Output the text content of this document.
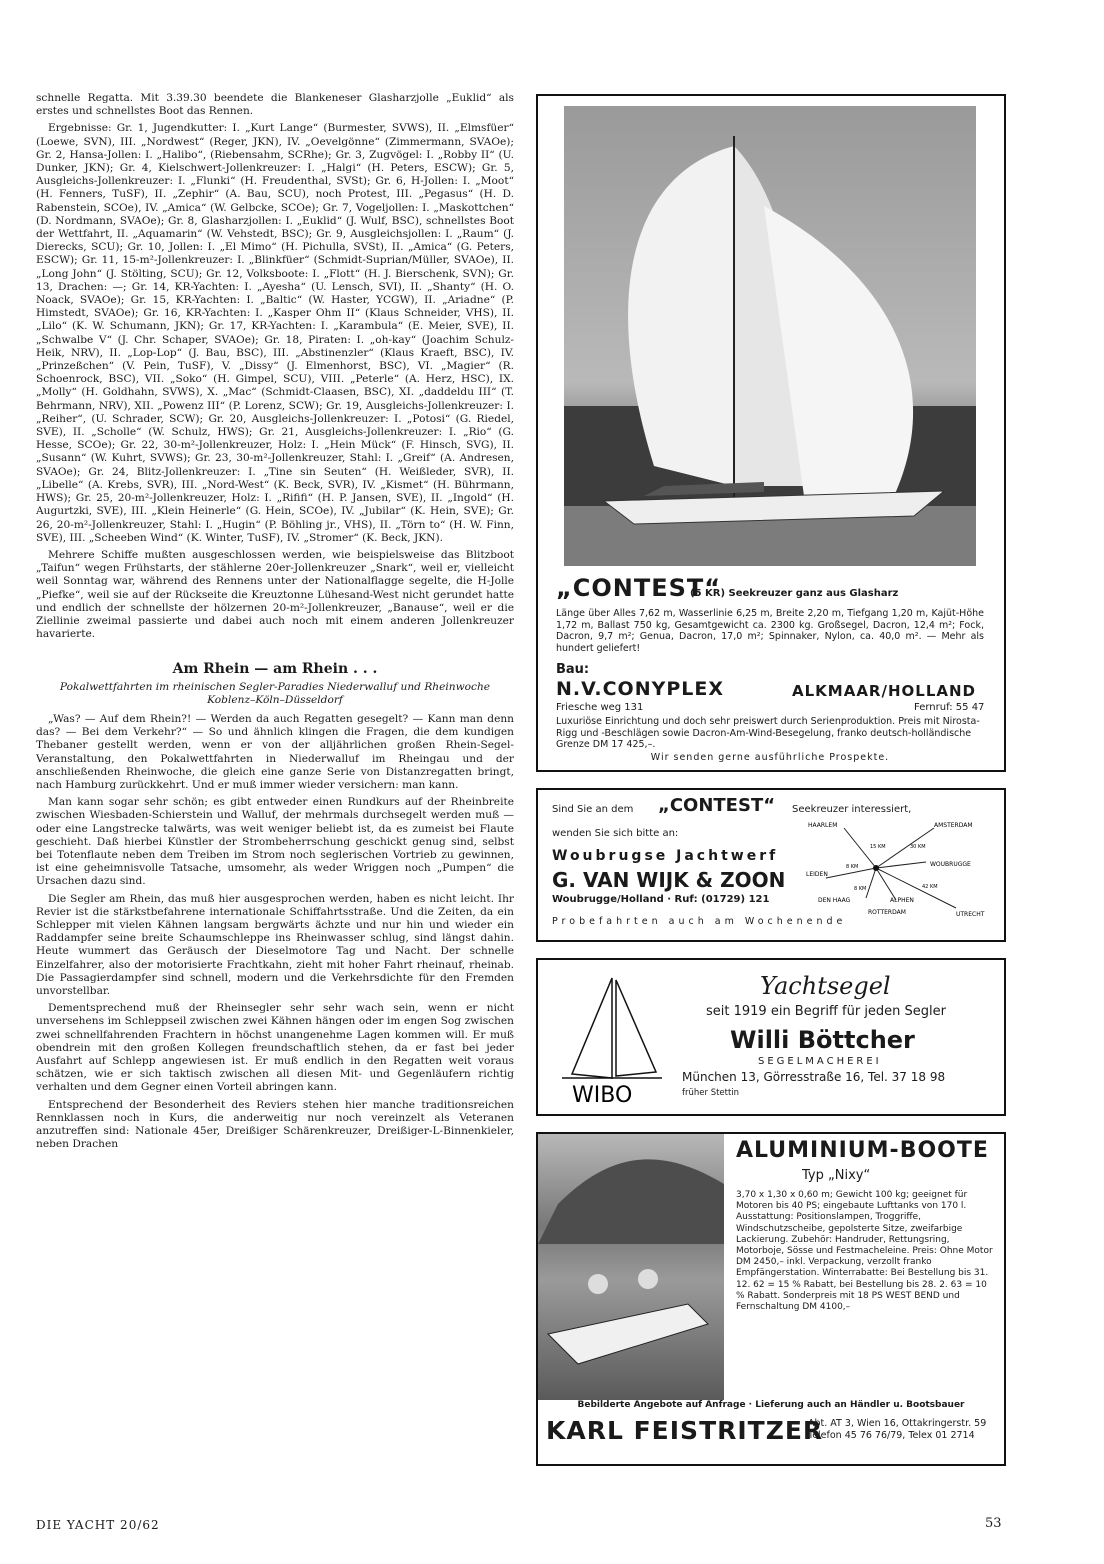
schnelle Regatta. Mit 3.39.30 beendete die Blankeneser Glasharzjolle „Euklid“ als erstes und schnellstes Boot das Rennen.

Ergebnisse: Gr. 1, Jugendkutter: I. „Kurt Lange“ (Burmester, SVWS), II. „Elmsfüer“ (Loewe, SVN), III. „Nordwest“ (Reger, JKN), IV. „Oevelgönne“ (Zimmermann, SVAOe); Gr. 2, Hansa-Jollen: I. „Halibo“, (Riebensahm, SCRhe); Gr. 3, Zugvögel: I. „Robby II“ (U. Dunker, JKN); Gr. 4, Kielschwert-Jollenkreuzer: I. „Halgi“ (H. Peters, ESCW); Gr. 5, Ausgleichs-Jollenkreuzer: I. „Flunki“ (H. Freudenthal, SVSt); Gr. 6, H-Jollen: I. „Moot“ (H. Fenners, TuSF), II. „Zephir“ (A. Bau, SCU), noch Protest, III. „Pegasus“ (H. D. Rabenstein, SCOe), IV. „Amica“ (W. Gelbcke, SCOe); Gr. 7, Vogeljollen: I. „Maskottchen“ (D. Nordmann, SVAOe); Gr. 8, Glasharzjollen: I. „Euklid“ (J. Wulf, BSC), schnellstes Boot der Wettfahrt, II. „Aquamarin“ (W. Vehstedt, BSC); Gr. 9, Ausgleichsjollen: I. „Raum“ (J. Dierecks, SCU); Gr. 10, Jollen: I. „El Mimo“ (H. Pichulla, SVSt), II. „Amica“ (G. Peters, ESCW); Gr. 11, 15-m²-Jollenkreuzer: I. „Blinkfüer“ (Schmidt-Suprian/Müller, SVAOe), II. „Long John“ (J. Stölting, SCU); Gr. 12, Volksboote: I. „Flott“ (H. J. Bierschenk, SVN); Gr. 13, Drachen: —; Gr. 14, KR-Yachten: I. „Ayesha“ (U. Lensch, SVI), II. „Shanty“ (H. O. Noack, SVAOe); Gr. 15, KR-Yachten: I. „Baltic“ (W. Haster, YCGW), II. „Ariadne“ (P. Himstedt, SVAOe); Gr. 16, KR-Yachten: I. „Kasper Ohm II“ (Klaus Schneider, VHS), II. „Lilo“ (K. W. Schumann, JKN); Gr. 17, KR-Yachten: I. „Karambula“ (E. Meier, SVE), II. „Schwalbe V“ (J. Chr. Schaper, SVAOe); Gr. 18, Piraten: I. „oh-kay“ (Joachim Schulz-Heik, NRV), II. „Lop-Lop“ (J. Bau, BSC), III. „Abstinenzler“ (Klaus Kraeft, BSC), IV. „Prinzeßchen“ (V. Pein, TuSF), V. „Dissy“ (J. Elmenhorst, BSC), VI. „Magier“ (R. Schoenrock, BSC), VII. „Soko“ (H. Gimpel, SCU), VIII. „Peterle“ (A. Herz, HSC), IX. „Molly“ (H. Goldhahn, SVWS), X. „Mac“ (Schmidt-Claasen, BSC), XI. „daddeldu III“ (T. Behrmann, NRV), XII. „Powenz III“ (P. Lorenz, SCW); Gr. 19, Ausgleichs-Jollenkreuzer: I. „Reiher“, (U. Schrader, SCW); Gr. 20, Ausgleichs-Jollenkreuzer: I. „Potosi“ (G. Riedel, SVE), II. „Scholle“ (W. Schulz, HWS); Gr. 21, Ausgleichs-Jollenkreuzer: I. „Rio“ (G. Hesse, SCOe); Gr. 22, 30-m²-Jollenkreuzer, Holz: I. „Hein Mück“ (F. Hinsch, SVG), II. „Susann“ (W. Kuhrt, SVWS); Gr. 23, 30-m²-Jollenkreuzer, Stahl: I. „Greif“ (A. Andresen, SVAOe); Gr. 24, Blitz-Jollenkreuzer: I. „Tine sin Seuten“ (H. Weißleder, SVR), II. „Libelle“ (A. Krebs, SVR), III. „Nord-West“ (K. Beck, SVR), IV. „Kismet“ (H. Bührmann, HWS); Gr. 25, 20-m²-Jollenkreuzer, Holz: I. „Rififi“ (H. P. Jansen, SVE), II. „Ingold“ (H. Augurtzki, SVE), III. „Klein Heinerle“ (G. Hein, SCOe), IV. „Jubilar“ (K. Hein, SVE); Gr. 26, 20-m²-Jollenkreuzer, Stahl: I. „Hugin“ (P. Böhling jr., VHS), II. „Törn to“ (H. W. Finn, SVE), III. „Scheeben Wind“ (K. Winter, TuSF), IV. „Stromer“ (K. Beck, JKN).

Mehrere Schiffe mußten ausgeschlossen werden, wie beispielsweise das Blitzboot „Taifun“ wegen Frühstarts, der stählerne 20er-Jollenkreuzer „Snark“, weil er, vielleicht weil Sonntag war, während des Rennens unter der Nationalflagge segelte, die H-Jolle „Piefke“, weil sie auf der Rückseite die Kreuztonne Lühesand-West nicht gerundet hatte und endlich der schnellste der hölzernen 20-m²-Jollenkreuzer, „Banause“, weil er die Ziellinie zweimal passierte und dabei auch noch mit einem anderen Jollenkreuzer havarierte.

Am Rhein — am Rhein . . .
Pokalwettfahrten im rheinischen Segler-Paradies Niederwalluf und Rheinwoche Koblenz–Köln–Düsseldorf

„Was? — Auf dem Rhein?! — Werden da auch Regatten gesegelt? — Kann man denn das? — Bei dem Verkehr?“ — So und ähnlich klingen die Fragen, die dem kundigen Thebaner gestellt werden, wenn er von der alljährlichen großen Rhein-Segel-Veranstaltung, den Pokalwettfahrten in Niederwalluf im Rheingau und der anschließenden Rheinwoche, die gleich eine ganze Serie von Distanzregatten bringt, nach Hamburg zurückkehrt. Und er muß immer wieder versichern: man kann.

Man kann sogar sehr schön; es gibt entweder einen Rundkurs auf der Rheinbreite zwischen Wiesbaden-Schierstein und Walluf, der mehrmals durchsegelt werden muß — oder eine Langstrecke talwärts, was weit weniger beliebt ist, da es zumeist bei Flaute geschieht. Daß hierbei Künstler der Strombeherrschung geschickt genug sind, selbst bei Totenflaute neben dem Treiben im Strom noch seglerischen Vortrieb zu gewinnen, ist eine geheimnisvolle Tatsache, umsomehr, als weder Wriggen noch „Pumpen“ die Ursachen dazu sind.

Die Segler am Rhein, das muß hier ausgesprochen werden, haben es nicht leicht. Ihr Revier ist die stärkstbefahrene internationale Schiffahrtsstraße. Und die Zeiten, da ein Schlepper mit vielen Kähnen langsam bergwärts ächzte und nur hin und wieder ein Raddampfer seine breite Schaumschleppe ins Rheinwasser schlug, sind längst dahin. Heute wummert das Geräusch der Dieselmotore Tag und Nacht. Der schnelle Einzelfahrer, also der motorisierte Frachtkahn, zieht mit hoher Fahrt rheinauf, rheinab. Die Passagierdampfer sind schnell, modern und die Verkehrsdichte für den Fremden unvorstellbar.

Dementsprechend muß der Rheinsegler sehr sehr wach sein, wenn er nicht unversehens im Schleppseil zwischen zwei Kähnen hängen oder im engen Sog zwischen zwei schnellfahrenden Frachtern in höchst unangenehme Lagen kommen will. Er muß obendrein mit den großen Kollegen freundschaftlich stehen, da er fast bei jeder Ausfahrt auf Schlepp angewiesen ist. Er muß endlich in den Regatten weit voraus schätzen, wie er sich taktisch zwischen all diesen Mit- und Gegenläufern richtig verhalten und dem Gegner einen Vorteil abringen kann.

Entsprechend der Besonderheit des Reviers stehen hier manche traditionsreichen Rennklassen noch in Kurs, die anderweitig nur noch vereinzelt als Veteranen anzutreffen sind: Nationale 45er, Dreißiger Schärenkreuzer, Dreißiger-L-Binnenkieler, neben Drachen

DIE YACHT 20/62	53
„CONTEST“
(5 KR) Seekreuzer ganz aus Glasharz
Länge über Alles 7,62 m, Wasserlinie 6,25 m, Breite 2,20 m, Tiefgang 1,20 m, Kajüt-Höhe 1,72 m, Ballast 750 kg, Gesamtgewicht ca. 2300 kg. Großsegel, Dacron, 12,4 m²; Fock, Dacron, 9,7 m²; Genua, Dacron, 17,0 m²; Spinnaker, Nylon, ca. 40,0 m². — Mehr als hundert geliefert!
Bau:
N.V.CONYPLEX	ALKMAAR/HOLLAND
Friesche weg 131	Fernruf: 55 47
Luxuriöse Einrichtung und doch sehr preiswert durch Serienproduktion. Preis mit Nirosta-Rigg und -Beschlägen sowie Dacron-Am-Wind-Besegelung, franko deutsch-holländische Grenze DM 17 425,–.
Wir senden gerne ausführliche Prospekte.
Sind Sie an dem „CONTEST“ Seekreuzer interessiert,
wenden Sie sich bitte an:
Woubrugse Jachtwerf
G. VAN WIJK & ZOON
Woubrugge/Holland · Ruf: (01729) 121
Probefahrten auch am Wochenende
HAARLEM	AMSTERDAM
LEIDEN
WOUBRUGGE
DEN HAAG	ALPHEN
ROTTERDAM	UTRECHT
30 KM
15 KM
8 KM
8 KM	42 KM
WIBO
Yachtsegel
seit 1919 ein Begriff für jeden Segler
Willi Böttcher
SEGELMACHEREI
München 13, Görresstraße 16, Tel. 37 18 98
früher Stettin
ALUMINIUM-BOOTE
Typ „Nixy“
3,70 x 1,30 x 0,60 m; Gewicht 100 kg; geeignet für Motoren bis 40 PS; eingebaute Lufttanks von 170 l. Ausstattung: Positionslampen, Troggriffe, Windschutzscheibe, gepolsterte Sitze, zweifarbige Lackierung. Zubehör: Handruder, Rettungsring, Motorboje, Sösse und Festmacheleine. Preis: Ohne Motor DM 2450,– inkl. Verpackung, verzollt franko Empfängerstation. Winterrabatte: Bei Bestellung bis 31. 12. 62 = 15 % Rabatt, bei Bestellung bis 28. 2. 63 = 10 % Rabatt. Sonderpreis mit 18 PS WEST BEND und Fernschaltung DM 4100,–
Bebilderte Angebote auf Anfrage · Lieferung auch an Händler u. Bootsbauer
KARL FEISTRITZER
Abt. AT 3, Wien 16, Ottakringerstr. 59
Telefon 45 76 76/79, Telex 01 2714
